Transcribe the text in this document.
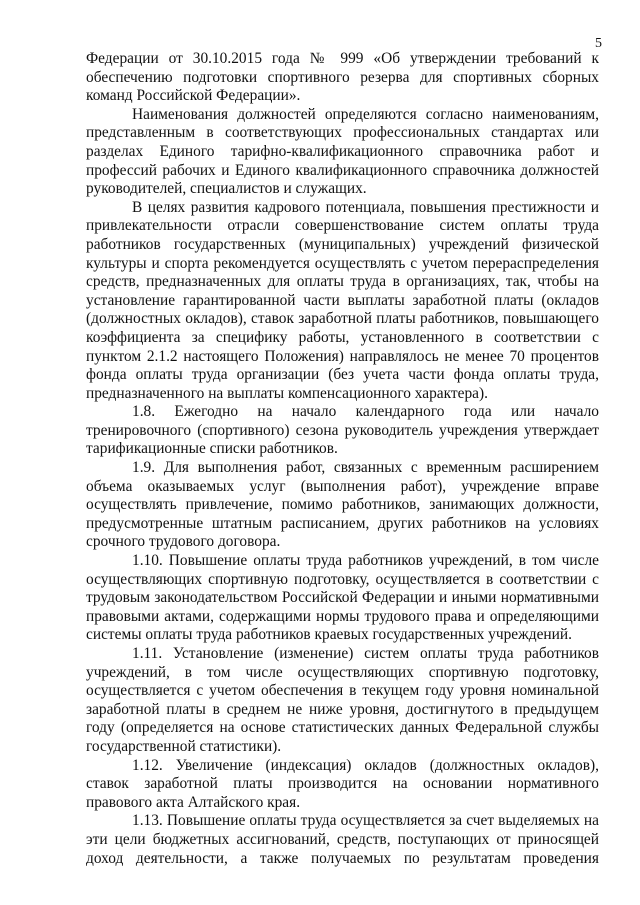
5

Федерации от 30.10.2015 года № 999 «Об утверждении требований к обеспечению подготовки спортивного резерва для спортивных сборных команд Российской Федерации».

Наименования должностей определяются согласно наименованиям, представленным в соответствующих профессиональных стандартах или разделах Единого тарифно-квалификационного справочника работ и профессий рабочих и Единого квалификационного справочника должностей руководителей, специалистов и служащих.

В целях развития кадрового потенциала, повышения престижности и привлекательности отрасли совершенствование систем оплаты труда работников государственных (муниципальных) учреждений физической культуры и спорта рекомендуется осуществлять с учетом перераспределения средств, предназначенных для оплаты труда в организациях, так, чтобы на установление гарантированной части выплаты заработной платы (окладов (должностных окладов), ставок заработной платы работников, повышающего коэффициента за специфику работы, установленного в соответствии с пунктом 2.1.2 настоящего Положения) направлялось не менее 70 процентов фонда оплаты труда организации (без учета части фонда оплаты труда, предназначенного на выплаты компенсационного характера).

1.8. Ежегодно на начало календарного года или начало тренировочного (спортивного) сезона руководитель учреждения утверждает тарификационные списки работников.

1.9. Для выполнения работ, связанных с временным расширением объема оказываемых услуг (выполнения работ), учреждение вправе осуществлять привлечение, помимо работников, занимающих должности, предусмотренные штатным расписанием, других работников на условиях срочного трудового договора.

1.10. Повышение оплаты труда работников учреждений, в том числе осуществляющих спортивную подготовку, осуществляется в соответствии с трудовым законодательством Российской Федерации и иными нормативными правовыми актами, содержащими нормы трудового права и определяющими системы оплаты труда работников краевых государственных учреждений.

1.11. Установление (изменение) систем оплаты труда работников учреждений, в том числе осуществляющих спортивную подготовку, осуществляется с учетом обеспечения в текущем году уровня номинальной заработной платы в среднем не ниже уровня, достигнутого в предыдущем году (определяется на основе статистических данных Федеральной службы государственной статистики).

1.12. Увеличение (индексация) окладов (должностных окладов), ставок заработной платы производится на основании нормативного правового акта Алтайского края.

1.13. Повышение оплаты труда осуществляется за счет выделяемых на эти цели бюджетных ассигнований, средств, поступающих от приносящей доход деятельности, а также получаемых по результатам проведения
